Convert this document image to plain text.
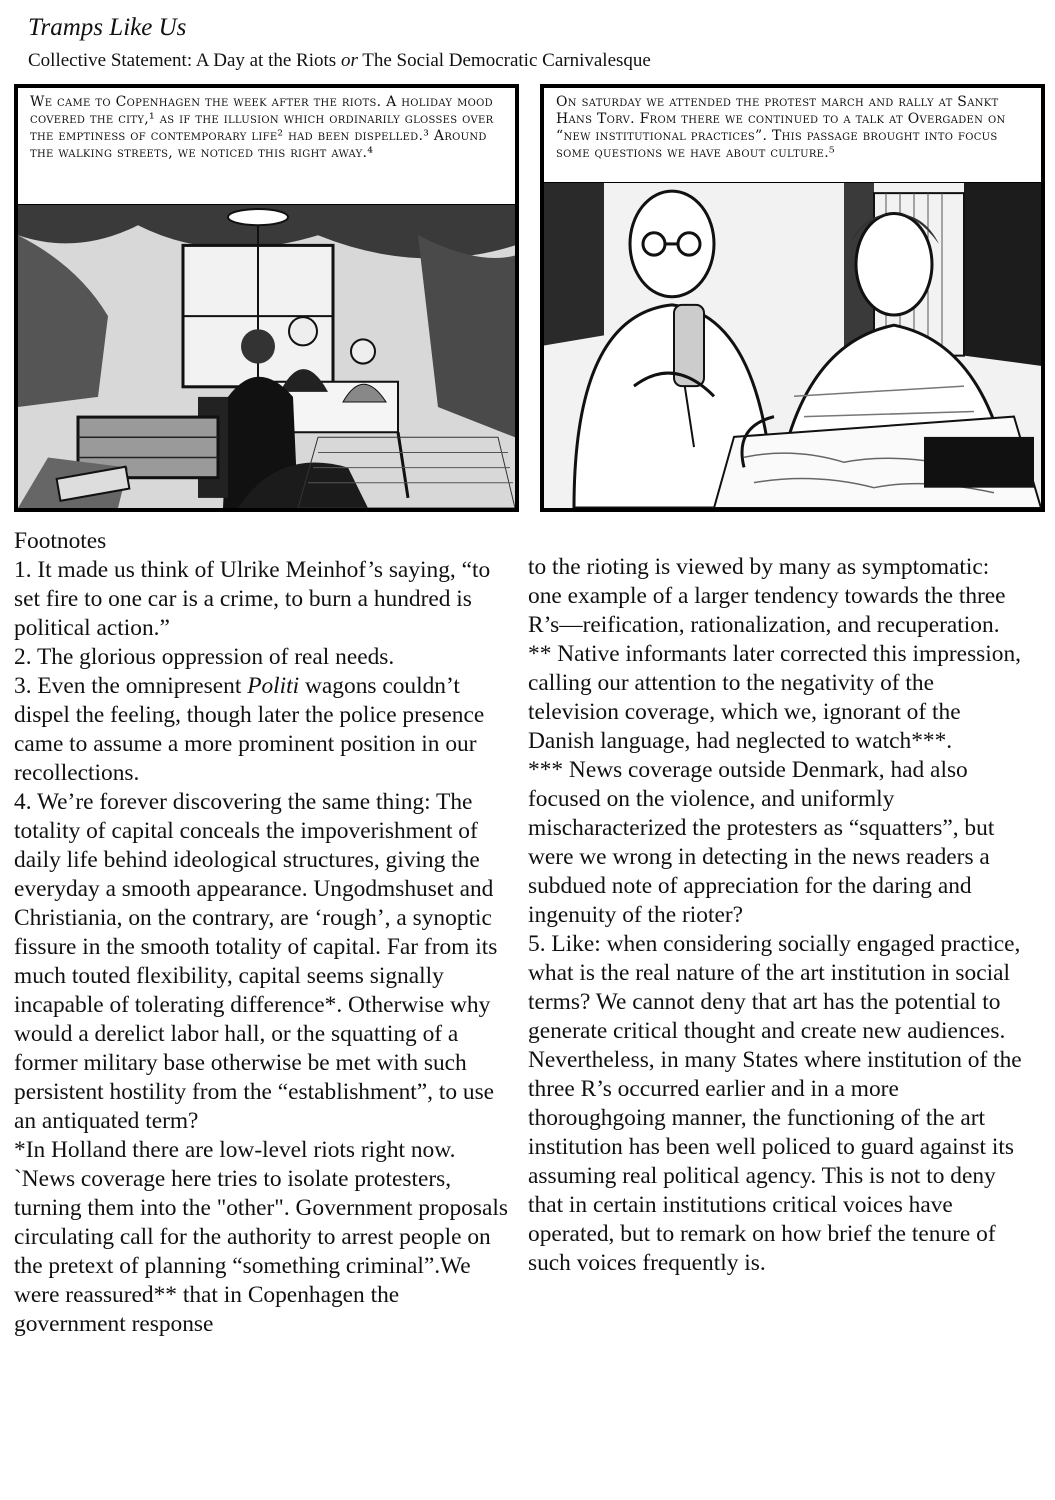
Tramps Like Us
Collective Statement: A Day at the Riots or The Social Democratic Carnivalesque
We came to Copenhagen the week after the riots. A holiday mood covered the city,¹ as if the illusion which ordinarily glosses over the emptiness of contemporary life² had been dispelled.³ Around the walking streets, we noticed this right away.⁴
On saturday we attended the protest march and rally at Sankt Hans Torv. From there we continued to a talk at Overgaden on “new institutional practices”. This passage brought into focus some questions we have about culture.⁵

Footnotes

1. It made us think of Ulrike Meinhof’s saying, “to set fire to one car is a crime, to burn a hundred is political action.”

2. The glorious oppression of real needs.

3. Even the omnipresent Politi wagons couldn’t dispel the feeling, though later the police presence came to assume a more prominent position in our recollections.

4. We’re forever discovering the same thing: The totality of capital conceals the impoverishment of daily life behind ideological structures, giving the everyday a smooth appearance. Ungodmshuset and Christiania, on the contrary, are ‘rough’, a synoptic fissure in the smooth totality of capital. Far from its much touted flexibility, capital seems signally incapable of tolerating difference*. Otherwise why would a derelict labor hall, or the squatting of a former military base otherwise be met with such persistent hostility from the “establishment”, to use an antiquated term?

*In Holland there are low-level riots right now. `News coverage here tries to isolate protesters, turning them into the "other". Government proposals circulating call for the authority to arrest people on the pretext of planning “something criminal”.We were reassured** that in Copenhagen the government response

to the rioting is viewed by many as symptomatic: one example of a larger tendency towards the three R’s—reification, rationalization, and recuperation.

** Native informants later corrected this impression, calling our attention to the negativity of the television coverage, which we, ignorant of the Danish language, had neglected to watch***.

*** News coverage outside Denmark, had also focused on the violence, and uniformly mischaracterized the protesters as “squatters”, but were we wrong in detecting in the news readers a subdued note of appreciation for the daring and ingenuity of the rioter?

5. Like: when considering socially engaged practice, what is the real nature of the art institution in social terms? We cannot deny that art has the potential to generate critical thought and create new audiences. Nevertheless, in many States where institution of the three R’s occurred earlier and in a more thoroughgoing manner, the functioning of the art institution has been well policed to guard against its assuming real political agency. This is not to deny that in certain institutions critical voices have operated, but to remark on how brief the tenure of such voices frequently is.
